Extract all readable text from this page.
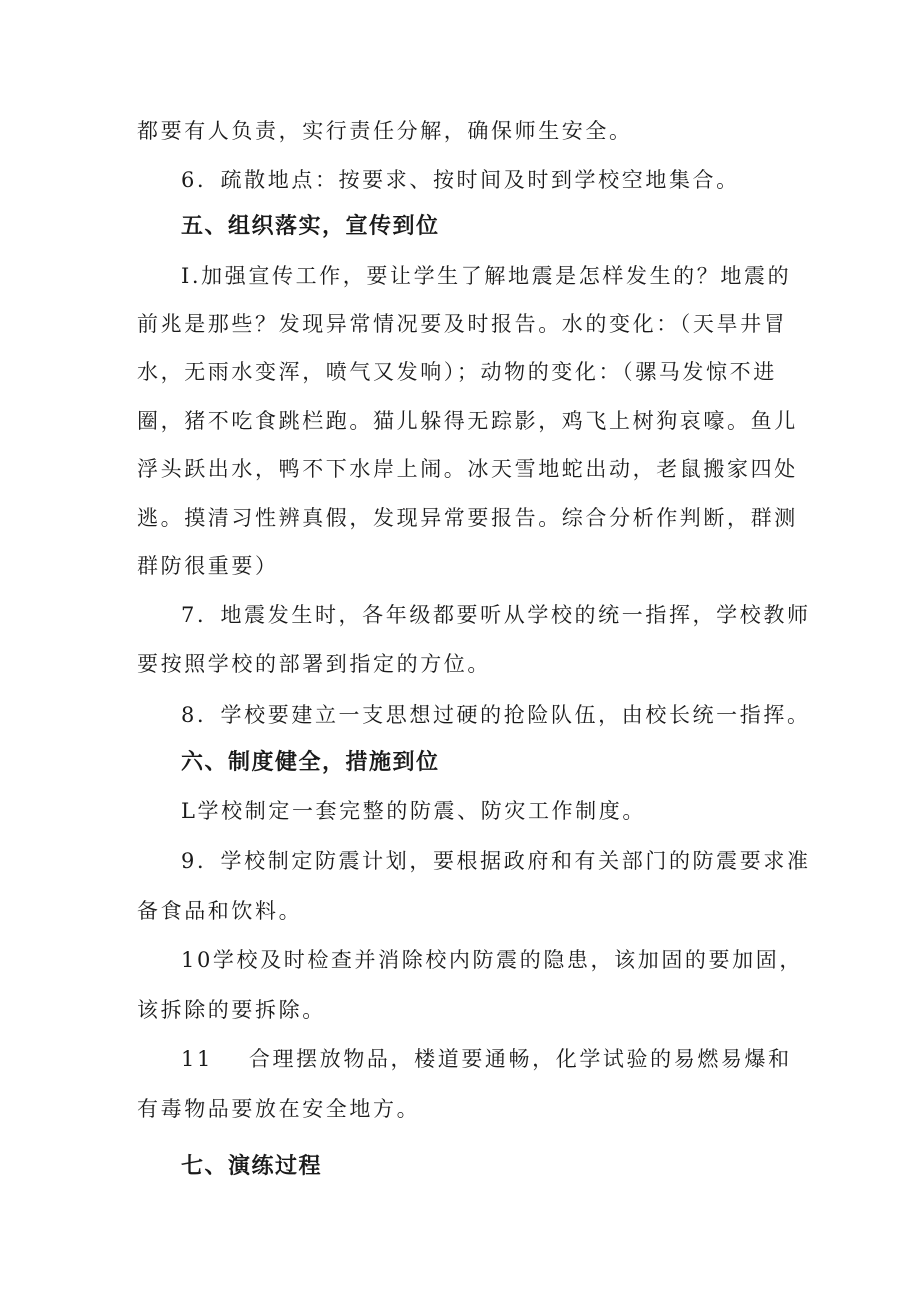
都要有人负责，实行责任分解，确保师生安全。
6．疏散地点：按要求、按时间及时到学校空地集合。
五、组织落实，宣传到位
I.加强宣传工作，要让学生了解地震是怎样发生的？地震的
前兆是那些？发现异常情况要及时报告。水的变化：（天旱井冒
水，无雨水变浑，喷气又发响）；动物的变化：（骡马发惊不进
圈，猪不吃食跳栏跑。猫儿躲得无踪影，鸡飞上树狗哀嚎。鱼儿
浮头跃出水，鸭不下水岸上闹。冰天雪地蛇出动，老鼠搬家四处
逃。摸清习性辨真假，发现异常要报告。综合分析作判断，群测
群防很重要）
7．地震发生时，各年级都要听从学校的统一指挥，学校教师
要按照学校的部署到指定的方位。
8．学校要建立一支思想过硬的抢险队伍，由校长统一指挥。
六、制度健全，措施到位
L学校制定一套完整的防震、防灾工作制度。
9．学校制定防震计划，要根据政府和有关部门的防震要求准
备食品和饮料。
10学校及时检查并消除校内防震的隐患，该加固的要加固，
该拆除的要拆除。
11 合理摆放物品，楼道要通畅，化学试验的易燃易爆和
有毒物品要放在安全地方。
七、演练过程
